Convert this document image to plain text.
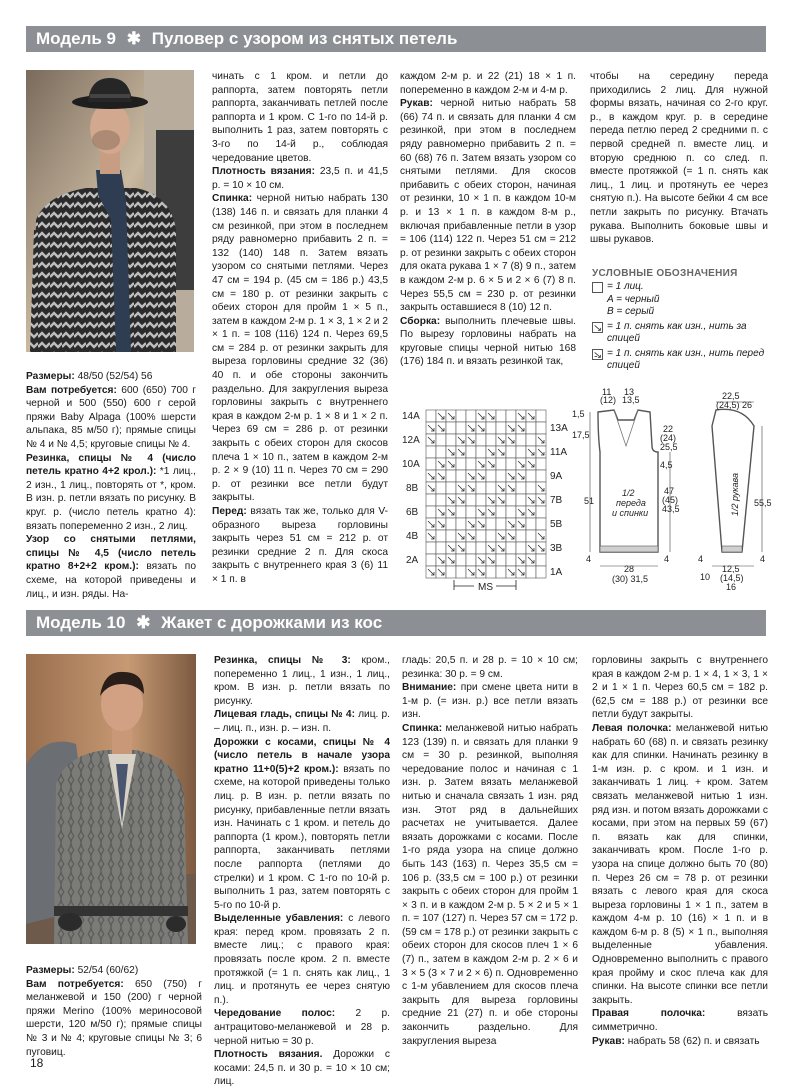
Модель 9 ✱ Пуловер с узором из снятых петель

Размеры: 48/50 (52/54) 56

Вам потребуется: 600 (650) 700 г черной и 500 (550) 600 г серой пряжи Baby Alpaga (100% шерсти альпака, 85 м/50 г); прямые спицы № 4 и № 4,5; круговые спицы № 4.

Резинка, спицы № 4 (число петель кратно 4+2 крол.): *1 лиц., 2 изн., 1 лиц., повторять от *, кром. В изн. р. петли вязать по рисунку. В круг. р. (число петель кратно 4): вязать попеременно 2 изн., 2 лиц.

Узор со снятыми петлями, спицы № 4,5 (число петель кратно 8+2+2 кром.): вязать по схеме, на которой приведены и лиц., и изн. ряды. На-

чинать с 1 кром. и петли до раппорта, затем повторять петли раппорта, заканчивать петлей после раппорта и 1 кром. С 1-го по 14-й р. выполнить 1 раз, затем повторять с 3-го по 14-й р., соблюдая чередование цветов.

Плотность вязания: 23,5 п. и 41,5 р. = 10 × 10 см.

Спинка: черной нитью набрать 130 (138) 146 п. и связать для планки 4 см резинкой, при этом в последнем ряду равномерно прибавить 2 п. = 132 (140) 148 п. Затем вязать узором со снятыми петлями. Через 47 см = 194 р. (45 см = 186 р.) 43,5 см = 180 р. от резинки закрыть с обеих сторон для пройм 1 × 5 п., затем в каждом 2-м р. 1 × 3, 1 × 2 и 2 × 1 п. = 108 (116) 124 п. Через 69,5 см = 284 р. от резинки закрыть для выреза горловины средние 32 (36) 40 п. и обе стороны закончить раздельно. Для закругления выреза горловины закрыть с внутреннего края в каждом 2-м р. 1 × 8 и 1 × 2 п. Через 69 см = 286 р. от резинки закрыть с обеих сторон для скосов плеча 1 × 10 п., затем в каждом 2-м р. 2 × 9 (10) 11 п. Через 70 см = 290 р. от резинки все петли будут закрыты.

Перед: вязать так же, только для V-образного выреза горловины закрыть через 51 см = 212 р. от резинки средние 2 п. Для скоса закрыть с внутреннего края 3 (6) 11 × 1 п. в

каждом 2-м р. и 22 (21) 18 × 1 п. попеременно в каждом 2-м и 4-м р.

Рукав: черной нитью набрать 58 (66) 74 п. и связать для планки 4 см резинкой, при этом в последнем ряду равномерно прибавить 2 п. = 60 (68) 76 п. Затем вязать узором со снятыми петлями. Для скосов прибавить с обеих сторон, начиная от резинки, 10 × 1 п. в каждом 10-м р. и 13 × 1 п. в каждом 8-м р., включая прибавленные петли в узор = 106 (114) 122 п. Через 51 см = 212 р. от резинки закрыть с обеих сторон для оката рукава 1 × 7 (8) 9 п., затем в каждом 2-м р. 6 × 5 и 2 × 6 (7) 8 п. Через 55,5 см = 230 р. от резинки закрыть оставшиеся 8 (10) 12 п.

Сборка: выполнить плечевые швы. По вырезу горловины набрать на круговые спицы черной нитью 168 (176) 184 п. и вязать резинкой так,

чтобы на середину переда приходились 2 лиц. Для нужной формы вязать, начиная со 2-го круг. р., в каждом круг. р. в середине переда петлю перед 2 средними п. с первой средней п. вместе лиц. и вторую среднюю п. со след. п. вместе протяжкой (= 1 п. снять как лиц., 1 лиц. и протянуть ее через снятую п.). На высоте бейки 4 см все петли закрыть по рисунку. Втачать рукава. Выполнить боковые швы и швы рукавов.

УСЛОВНЫЕ ОБОЗНАЧЕНИЯ
= 1 лиц.
A = черный
B = серый
= 1 п. снять как изн., нить за спицей
= 1 п. снять как изн., нить перед спицей
14A
12A
10A
8B
6B
4B
2A
13A
11A
9A
7B
5B
3B
1A
MS
11
(12)
13
1,5
13,5
17,5
22
(24)
25,5
4,5
51
47
(45)
43,5
1/2
переда
и спинки
4	4
28
(30) 31,5
22,5
(24,5) 26
1/2 рукава 55,5
4
10
12,5
(14,5)
16
4
Модель 10 ✱ Жакет с дорожками из кос

Размеры: 52/54 (60/62)

Вам потребуется: 650 (750) г меланжевой и 150 (200) г черной пряжи Merino (100% мериносовой шерсти, 120 м/50 г); прямые спицы № 3 и № 4; круговые спицы № 3; 6 пуговиц.

Резинка, спицы № 3: кром., попеременно 1 лиц., 1 изн., 1 лиц., кром. В изн. р. петли вязать по рисунку.

Лицевая гладь, спицы № 4: лиц. р. – лиц. п., изн. р. – изн. п.

Дорожки с косами, спицы № 4 (число петель в начале узора кратно 11+0(5)+2 кром.): вязать по схеме, на которой приведены только лиц. р. В изн. р. петли вязать по рисунку, прибавленные петли вязать изн. Начинать с 1 кром. и петель до раппорта (1 кром.), повторять петли раппорта, заканчивать петлями после раппорта (петлями до стрелки) и 1 кром. С 1-го по 10-й р. выполнить 1 раз, затем повторять с 5-го по 10-й р.

Выделенные убавления: с левого края: перед кром. провязать 2 п. вместе лиц.; с правого края: провязать после кром. 2 п. вместе протяжкой (= 1 п. снять как лиц., 1 лиц. и протянуть ее через снятую п.).

Чередование полос: 2 р. антрацитово-меланжевой и 28 р. черной нитью = 30 р.

Плотность вязания. Дорожки с косами: 24,5 п. и 30 р. = 10 × 10 см; лиц.

гладь: 20,5 п. и 28 р. = 10 × 10 см; резинка: 30 р. = 9 см.

Внимание: при смене цвета нити в 1-м р. (= изн. р.) все петли вязать изн.

Спинка: меланжевой нитью набрать 123 (139) п. и связать для планки 9 см = 30 р. резинкой, выполняя чередование полос и начиная с 1 изн. р. Затем вязать меланжевой нитью и сначала связать 1 изн. ряд изн. Этот ряд в дальнейших расчетах не учитывается. Далее вязать дорожками с косами. После 1-го ряда узора на спице должно быть 143 (163) п. Через 35,5 см = 106 р. (33,5 см = 100 р.) от резинки закрыть с обеих сторон для пройм 1 × 3 п. и в каждом 2-м р. 5 × 2 и 5 × 1 п. = 107 (127) п. Через 57 см = 172 р. (59 см = 178 р.) от резинки закрыть с обеих сторон для скосов плеч 1 × 6 (7) п., затем в каждом 2-м р. 2 × 6 и 3 × 5 (3 × 7 и 2 × 6) п. Одновременно с 1-м убавлением для скосов плеча закрыть для выреза горловины средние 21 (27) п. и обе стороны закончить раздельно. Для закругления выреза

горловины закрыть с внутреннего края в каждом 2-м р. 1 × 4, 1 × 3, 1 × 2 и 1 × 1 п. Через 60,5 см = 182 р. (62,5 см = 188 р.) от резинки все петли будут закрыты.

Левая полочка: меланжевой нитью набрать 60 (68) п. и связать резинку как для спинки. Начинать резинку в 1-м изн. р. с кром. и 1 изн. и заканчивать 1 лиц. + кром. Затем связать меланжевой нитью 1 изн. ряд изн. и потом вязать дорожками с косами, при этом на первых 59 (67) п. вязать как для спинки, заканчивать кром. После 1-го р. узора на спице должно быть 70 (80) п. Через 26 см = 78 р. от резинки вязать с левого края для скоса выреза горловины 1 × 1 п., затем в каждом 4-м р. 10 (16) × 1 п. и в каждом 6-м р. 8 (5) × 1 п., выполняя выделенные убавления. Одновременно выполнить с правого края пройму и скос плеча как для спинки. На высоте спинки все петли закрыть.

Правая полочка: вязать симметрично.

Рукав: набрать 58 (62) п. и связать

18
